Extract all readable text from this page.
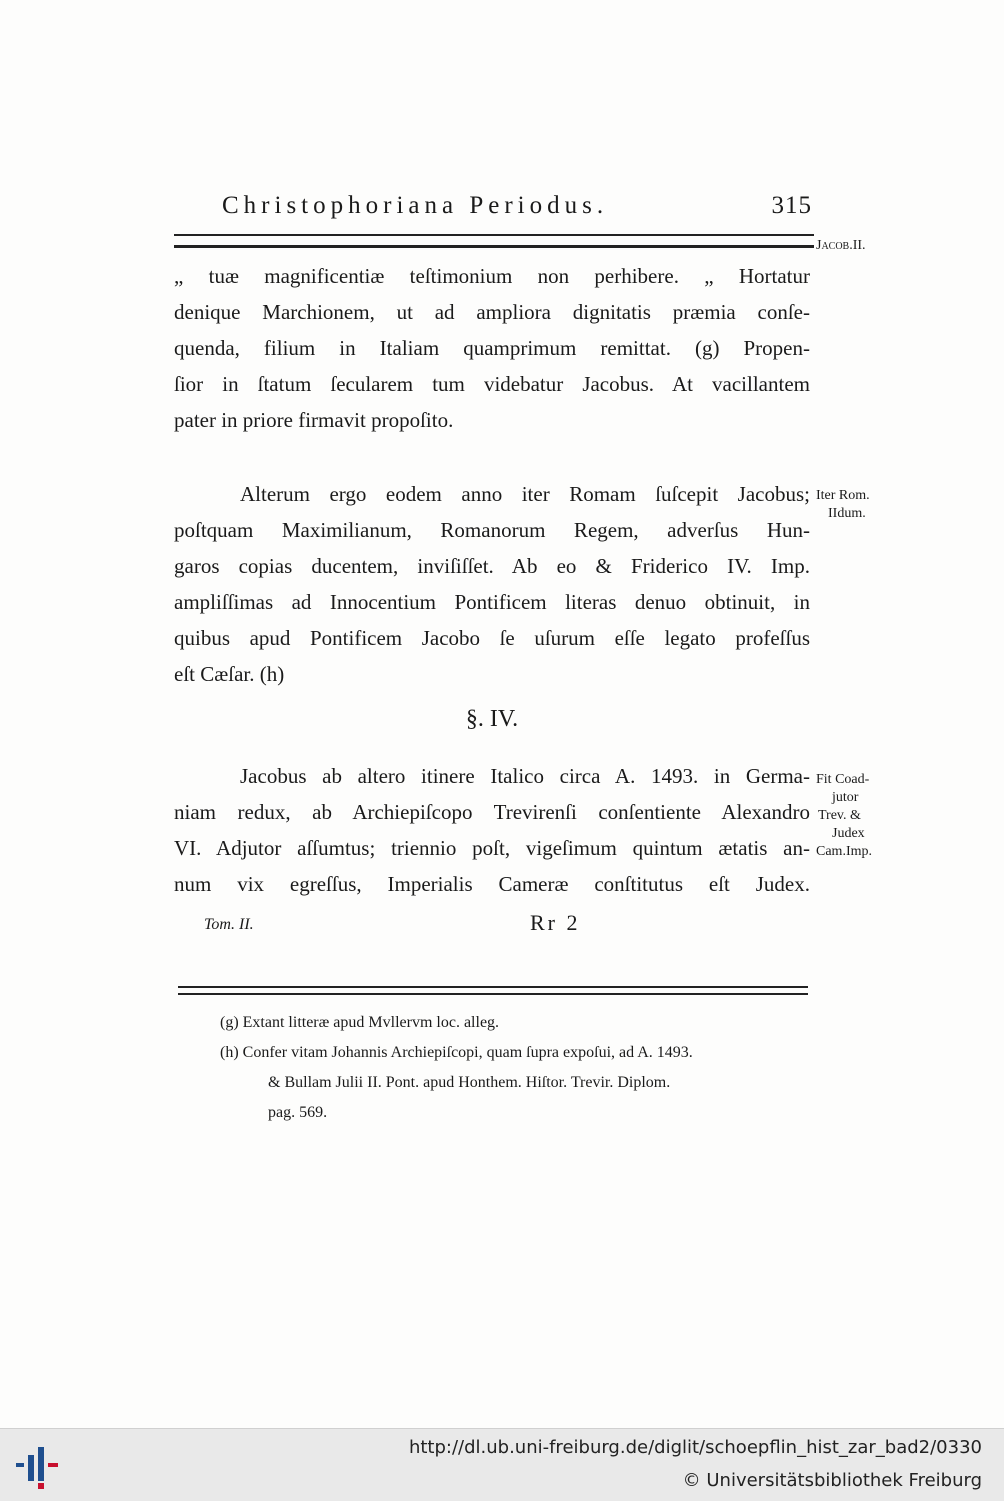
Christophoriana Periodus.	315
Jacob.II.
„ tuæ magnificentiæ teſtimonium non perhibere. „ Hortatur
denique Marchionem, ut ad ampliora dignitatis præmia conſe-
quenda, filium in Italiam quamprimum remittat. (g) Propen-
ſior in ſtatum ſecularem tum videbatur Jacobus. At vacillantem
pater in priore firmavit propoſito.
Iter Rom.
IIdum.
Alterum ergo eodem anno iter Romam ſuſcepit Jacobus;
poſtquam Maximilianum, Romanorum Regem, adverſus Hun-
garos copias ducentem, inviſiſſet. Ab eo & Friderico IV. Imp.
ampliſſimas ad Innocentium Pontificem literas denuo obtinuit, in
quibus apud Pontificem Jacobo ſe uſurum eſſe legato profeſſus
eſt Cæſar. (h)
§. IV.
Fit Coad-
jutor
Trev. &
Judex
Cam.Imp.
Jacobus ab altero itinere Italico circa A. 1493. in Germa-
niam redux, ab Archiepiſcopo Trevirenſi conſentiente Alexandro
VI. Adjutor aſſumtus; triennio poſt, vigeſimum quintum ætatis an-
num vix egreſſus, Imperialis Cameræ conſtitutus eſt Judex.
Tom. II.	Rr 2
(g) Extant litteræ apud Mvllervm loc. alleg.
(h) Confer vitam Johannis Archiepiſcopi, quam ſupra expoſui, ad A. 1493.
& Bullam Julii II. Pont. apud Honthem. Hiſtor. Trevir. Diplom.
pag. 569.
http://dl.ub.uni-freiburg.de/diglit/schoepflin_hist_zar_bad2/0330
© Universitätsbibliothek Freiburg
